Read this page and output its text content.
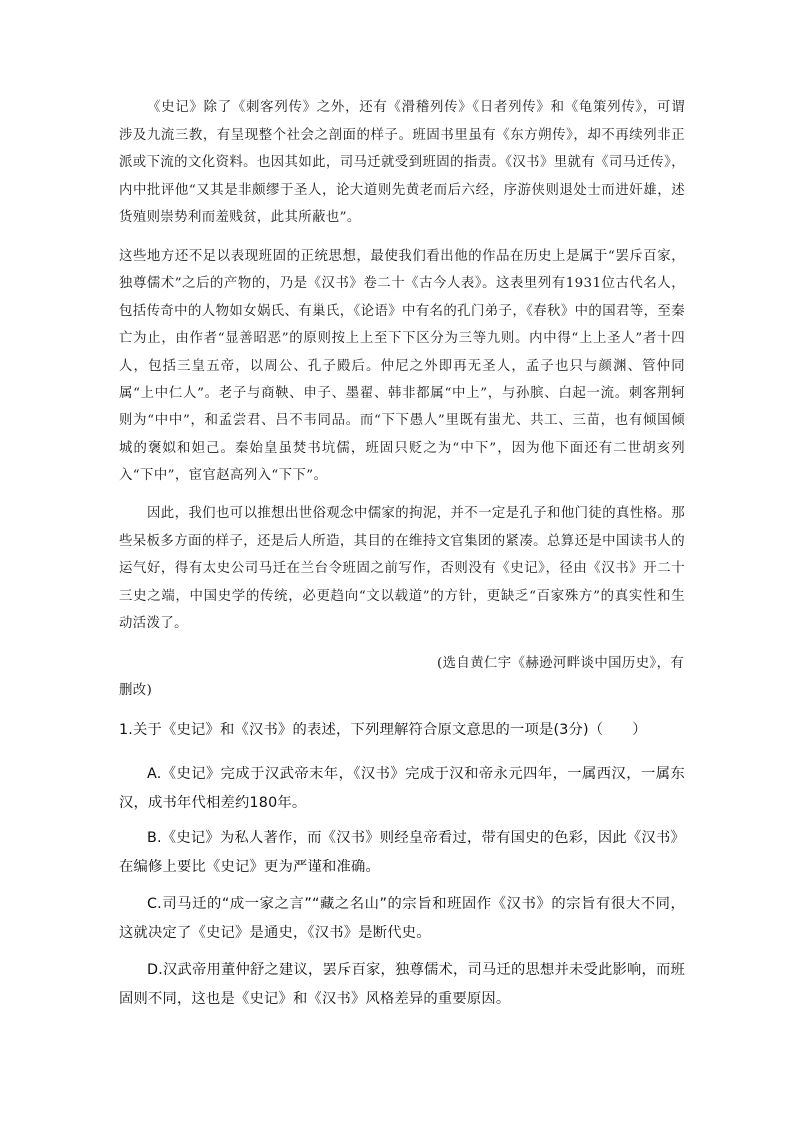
《史记》除了《刺客列传》之外，还有《滑稽列传》《日者列传》和《龟策列传》，可谓涉及九流三教，有呈现整个社会之剖面的样子。班固书里虽有《东方朔传》，却不再续列非正派或下流的文化资料。也因其如此，司马迁就受到班固的指责。《汉书》里就有《司马迁传》，内中批评他“又其是非颇缪于圣人，论大道则先黄老而后六经，序游侠则退处士而进奸雄，述货殖则崇势利而羞贱贫，此其所蔽也”。

这些地方还不足以表现班固的正统思想，最使我们看出他的作品在历史上是属于“罢斥百家，独尊儒术”之后的产物的，乃是《汉书》卷二十《古今人表》。这表里列有1931位古代名人，包括传奇中的人物如女娲氏、有巢氏，《论语》中有名的孔门弟子，《春秋》中的国君等，至秦亡为止，由作者“显善昭恶”的原则按上上至下下区分为三等九则。内中得“上上圣人”者十四人，包括三皇五帝，以周公、孔子殿后。仲尼之外即再无圣人，孟子也只与颜渊、管仲同属“上中仁人”。老子与商鞅、申子、墨翟、韩非都属“中上”，与孙膑、白起一流。刺客荆轲则为“中中”，和孟尝君、吕不韦同品。而“下下愚人”里既有蚩尤、共工、三苗，也有倾国倾城的褒姒和妲己。秦始皇虽焚书坑儒，班固只贬之为“中下”，因为他下面还有二世胡亥列入“下中”，宦官赵高列入“下下”。

因此，我们也可以推想出世俗观念中儒家的拘泥，并不一定是孔子和他门徒的真性格。那些呆板多方面的样子，还是后人所造，其目的在维持文官集团的紧凑。总算还是中国读书人的运气好，得有太史公司马迁在兰台令班固之前写作，否则没有《史记》，径由《汉书》开二十三史之端，中国史学的传统，必更趋向“文以载道”的方针，更缺乏“百家殊方”的真实性和生动活泼了。

(选自黄仁宇《赫逊河畔谈中国历史》，有删改)

1.关于《史记》和《汉书》的表述，下列理解符合原文意思的一项是(3分)（　　）

A.《史记》完成于汉武帝末年，《汉书》完成于汉和帝永元四年，一属西汉，一属东汉，成书年代相差约180年。

B.《史记》为私人著作，而《汉书》则经皇帝看过，带有国史的色彩，因此《汉书》在编修上要比《史记》更为严谨和准确。

C.司马迁的“成一家之言”“藏之名山”的宗旨和班固作《汉书》的宗旨有很大不同，这就决定了《史记》是通史，《汉书》是断代史。

D.汉武帝用董仲舒之建议，罢斥百家，独尊儒术，司马迁的思想并未受此影响，而班固则不同，这也是《史记》和《汉书》风格差异的重要原因。
